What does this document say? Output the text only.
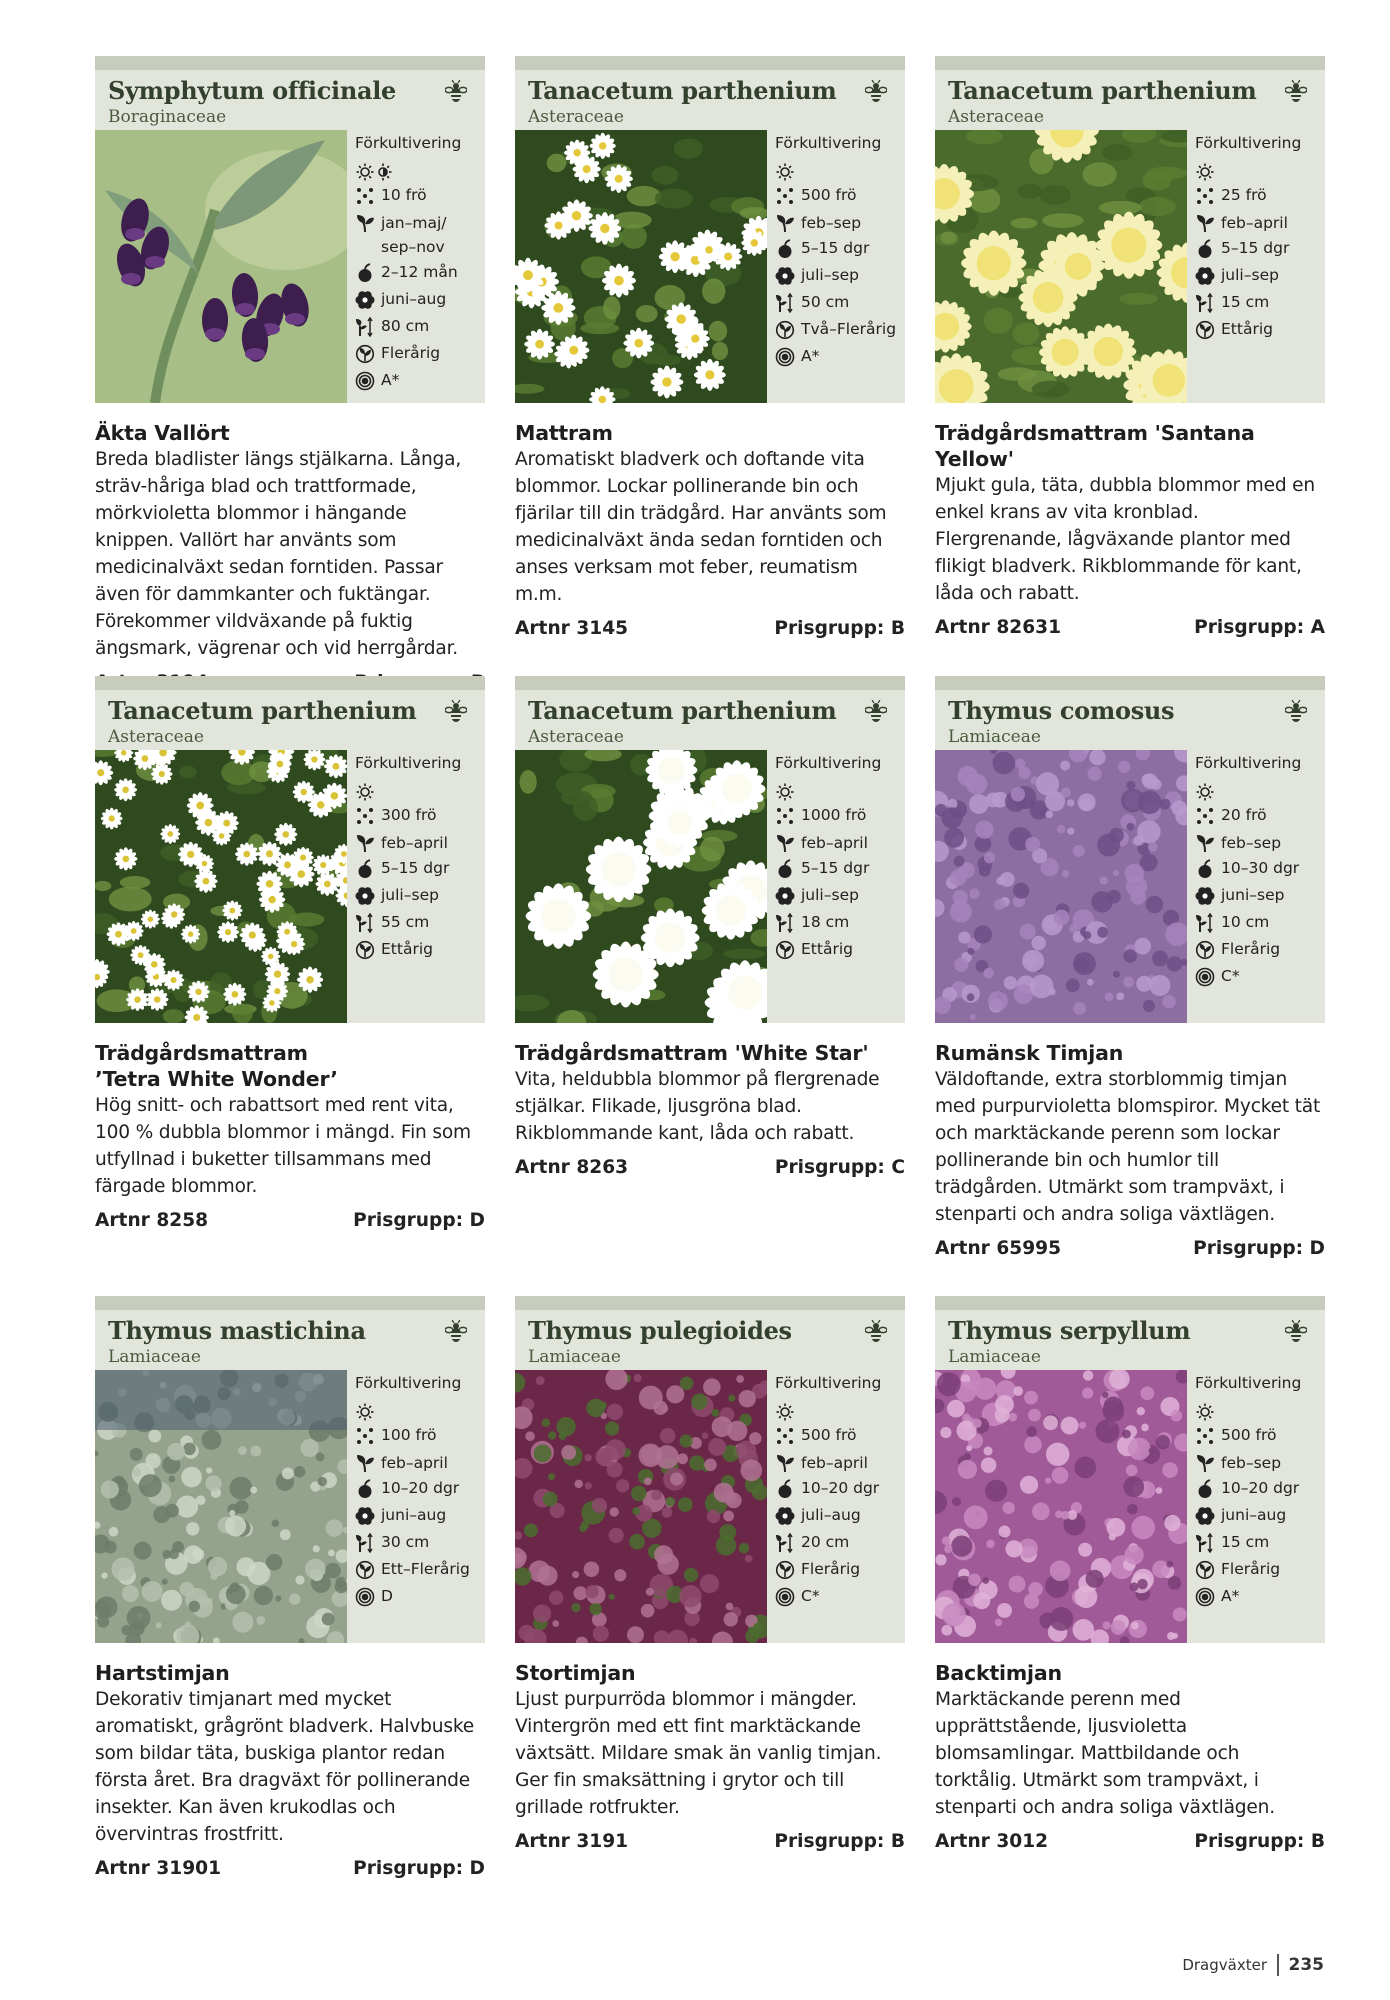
Symphytum officinale
Boraginaceae
Förkultivering
10 frö
jan–maj/ sep–nov
2–12 mån
juni–aug
80 cm
Flerårig
A*
Äkta Vallört
Breda bladlister längs stjälkarna. Långa, sträv-håriga blad och trattformade, mörkvioletta blommor i hängande knippen. Vallört har använts som medicinalväxt sedan forntiden. Passar även för dammkanter och fuktängar. Förekommer vildväxande på fuktig ängsmark, vägrenar och vid herrgårdar.
Tanacetum parthenium
Asteraceae
Förkultivering
500 frö
feb–sep
5–15 dgr
juli–sep
50 cm
Två–Flerårig
A*
Mattram
Aromatiskt bladverk och doftande vita blommor. Lockar pollinerande bin och fjärilar till din trädgård. Har använts som medicinalväxt ända sedan forntiden och anses verksam mot feber, reumatism m.m.
Artnr 3145	Prisgrupp: B
Tanacetum parthenium
Asteraceae
Förkultivering
25 frö
feb–april
5–15 dgr
juli–sep
15 cm
Ettårig
Trädgårdsmattram 'Santana Yellow'
Mjukt gula, täta, dubbla blommor med en enkel krans av vita kronblad. Flergrenande, lågväxande plantor med flikigt bladverk. Rikblommande för kant, låda och rabatt.
Artnr 82631	Prisgrupp: A
Tanacetum parthenium
Asteraceae
Förkultivering
300 frö
feb–april
5–15 dgr
juli–sep
55 cm
Ettårig
Trädgårdsmattram
’Tetra White Wonder’
Hög snitt- och rabattsort med rent vita, 100 % dubbla blommor i mängd. Fin som utfyllnad i buketter tillsammans med färgade blommor.
Artnr 8258	Prisgrupp: D
Tanacetum parthenium
Asteraceae
Förkultivering
1000 frö
feb–april
5–15 dgr
juli–sep
18 cm
Ettårig
Trädgårdsmattram 'White Star'
Vita, heldubbla blommor på flergrenade stjälkar. Flikade, ljusgröna blad. Rikblommande kant, låda och rabatt.
Artnr 8263	Prisgrupp: C
Thymus comosus
Lamiaceae
Förkultivering
20 frö
feb–sep
10–30 dgr
juni–sep
10 cm
Flerårig
C*
Rumänsk Timjan
Väldoftande, extra storblommig timjan med purpurvioletta blomspiror. Mycket tät och marktäckande perenn som lockar pollinerande bin och humlor till trädgården. Utmärkt som trampväxt, i stenparti och andra soliga växtlägen.
Artnr 65995	Prisgrupp: D
Thymus mastichina
Lamiaceae
Förkultivering
100 frö
feb–april
10–20 dgr
juni–aug
30 cm
Ett–Flerårig
D
Hartstimjan
Dekorativ timjanart med mycket aromatiskt, grågrönt bladverk. Halvbuske som bildar täta, buskiga plantor redan första året. Bra dragväxt för pollinerande insekter. Kan även krukodlas och övervintras frostfritt.
Artnr 31901	Prisgrupp: D
Thymus pulegioides
Lamiaceae
Förkultivering
500 frö
feb–april
10–20 dgr
juli–aug
20 cm
Flerårig
C*
Stortimjan
Ljust purpurröda blommor i mängder. Vintergrön med ett fint marktäckande växtsätt. Mildare smak än vanlig timjan. Ger fin smaksättning i grytor och till grillade rotfrukter.
Artnr 3191	Prisgrupp: B
Thymus serpyllum
Lamiaceae
Förkultivering
500 frö
feb–sep
10–20 dgr
juni–aug
15 cm
Flerårig
A*
Backtimjan
Marktäckande perenn med upprättstående, ljusvioletta blomsamlingar. Mattbildande och torktålig. Utmärkt som trampväxt, i stenparti och andra soliga växtlägen.
Artnr 3012	Prisgrupp: B
Dragväxter 235
